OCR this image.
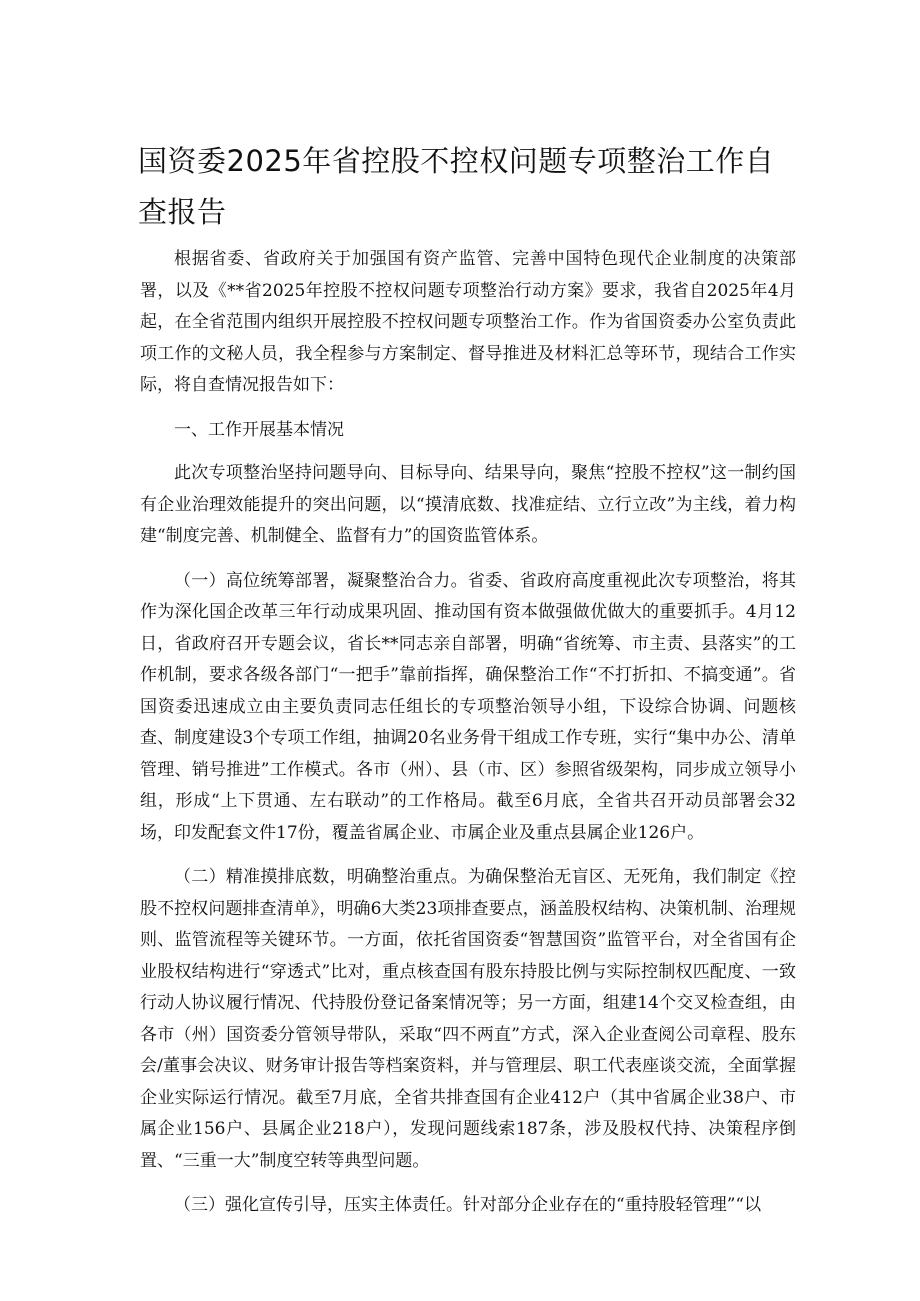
国资委2025年省控股不控权问题专项整治工作自查报告

根据省委、省政府关于加强国有资产监管、完善中国特色现代企业制度的决策部署，以及《**省2025年控股不控权问题专项整治行动方案》要求，我省自2025年4月起，在全省范围内组织开展控股不控权问题专项整治工作。作为省国资委办公室负责此项工作的文秘人员，我全程参与方案制定、督导推进及材料汇总等环节，现结合工作实际，将自查情况报告如下：

一、工作开展基本情况

此次专项整治坚持问题导向、目标导向、结果导向，聚焦“控股不控权”这一制约国有企业治理效能提升的突出问题，以“摸清底数、找准症结、立行立改”为主线，着力构建“制度完善、机制健全、监督有力”的国资监管体系。

（一）高位统筹部署，凝聚整治合力。省委、省政府高度重视此次专项整治，将其作为深化国企改革三年行动成果巩固、推动国有资本做强做优做大的重要抓手。4月12日，省政府召开专题会议，省长**同志亲自部署，明确“省统筹、市主责、县落实”的工作机制，要求各级各部门“一把手”靠前指挥，确保整治工作“不打折扣、不搞变通”。省国资委迅速成立由主要负责同志任组长的专项整治领导小组，下设综合协调、问题核查、制度建设3个专项工作组，抽调20名业务骨干组成工作专班，实行“集中办公、清单管理、销号推进”工作模式。各市（州）、县（市、区）参照省级架构，同步成立领导小组，形成“上下贯通、左右联动”的工作格局。截至6月底，全省共召开动员部署会32场，印发配套文件17份，覆盖省属企业、市属企业及重点县属企业126户。

（二）精准摸排底数，明确整治重点。为确保整治无盲区、无死角，我们制定《控股不控权问题排查清单》，明确6大类23项排查要点，涵盖股权结构、决策机制、治理规则、监管流程等关键环节。一方面，依托省国资委“智慧国资”监管平台，对全省国有企业股权结构进行“穿透式”比对，重点核查国有股东持股比例与实际控制权匹配度、一致行动人协议履行情况、代持股份登记备案情况等；另一方面，组建14个交叉检查组，由各市（州）国资委分管领导带队，采取“四不两直”方式，深入企业查阅公司章程、股东会/董事会决议、财务审计报告等档案资料，并与管理层、职工代表座谈交流，全面掌握企业实际运行情况。截至7月底，全省共排查国有企业412户（其中省属企业38户、市属企业156户、县属企业218户），发现问题线索187条，涉及股权代持、决策程序倒置、“三重一大”制度空转等典型问题。

（三）强化宣传引导，压实主体责任。针对部分企业存在的“重持股轻管理”“以
